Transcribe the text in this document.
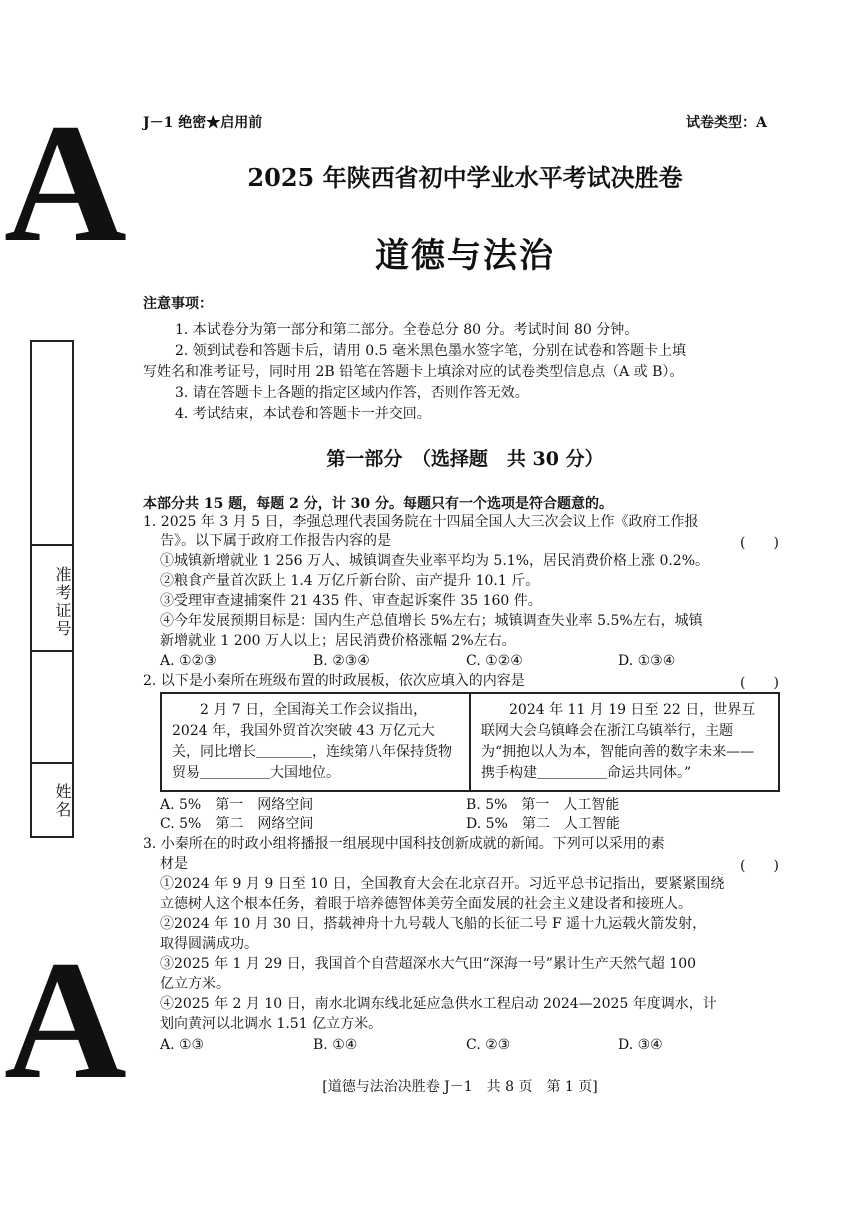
A
A
准考证号
姓名
J－1 绝密★启用前	试卷类型：A
2025 年陕西省初中学业水平考试决胜卷
道德与法治
注意事项：
1. 本试卷分为第一部分和第二部分。全卷总分 80 分。考试时间 80 分钟。
2. 领到试卷和答题卡后，请用 0.5 毫米黑色墨水签字笔，分别在试卷和答题卡上填
写姓名和准考证号，同时用 2B 铅笔在答题卡上填涂对应的试卷类型信息点（A 或 B）。
3. 请在答题卡上各题的指定区域内作答，否则作答无效。
4. 考试结束，本试卷和答题卡一并交回。
第一部分　（选择题　共 30 分）
本部分共 15 题，每题 2 分，计 30 分。每题只有一个选项是符合题意的。
1. 2025 年 3 月 5 日，李强总理代表国务院在十四届全国人大三次会议上作《政府工作报
告》。以下属于政府工作报告内容的是	(　　)
①城镇新增就业 1 256 万人、城镇调查失业率平均为 5.1%，居民消费价格上涨 0.2%。
②粮食产量首次跃上 1.4 万亿斤新台阶、亩产提升 10.1 斤。
③受理审查逮捕案件 21 435 件、审查起诉案件 35 160 件。
④今年发展预期目标是：国内生产总值增长 5%左右；城镇调查失业率 5.5%左右，城镇
新增就业 1 200 万人以上；居民消费价格涨幅 2%左右。
A. ①②③	B. ②③④	C. ①②④	D. ①③④
2. 以下是小秦所在班级布置的时政展板，依次应填入的内容是	(　　)
2 月 7 日，全国海关工作会议指出，2024 年，我国外贸首次突破 43 万亿元大关，同比增长＿＿＿＿，连续第八年保持货物贸易＿＿＿＿＿大国地位。
2024 年 11 月 19 日至 22 日，世界互联网大会乌镇峰会在浙江乌镇举行，主题为“拥抱以人为本，智能向善的数字未来——携手构建＿＿＿＿＿命运共同体。”
A. 5%　第一　网络空间	B. 5%　第一　人工智能
C. 5%　第二　网络空间	D. 5%　第二　人工智能
3. 小秦所在的时政小组将播报一组展现中国科技创新成就的新闻。下列可以采用的素
材是	(　　)
①2024 年 9 月 9 日至 10 日，全国教育大会在北京召开。习近平总书记指出，要紧紧围绕
立德树人这个根本任务，着眼于培养德智体美劳全面发展的社会主义建设者和接班人。
②2024 年 10 月 30 日，搭载神舟十九号载人飞船的长征二号 F 遥十九运载火箭发射，
取得圆满成功。
③2025 年 1 月 29 日，我国首个自营超深水大气田“深海一号”累计生产天然气超 100
亿立方米。
④2025 年 2 月 10 日，南水北调东线北延应急供水工程启动 2024—2025 年度调水，计
划向黄河以北调水 1.51 亿立方米。
A. ①③	B. ①④	C. ②③	D. ③④
[道德与法治决胜卷 J－1　共 8 页　第 1 页]
